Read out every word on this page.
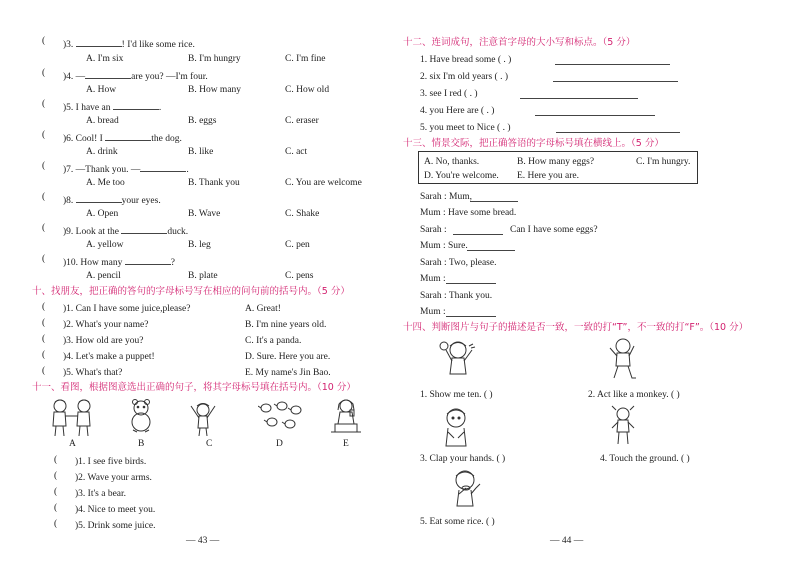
( )3.	! I'd like some rice.
A. I'm six	B. I'm hungry	C. I'm fine
( )4. —	are you? —I'm four.
A. How	B. How many	C. How old
( )5. I have an	.
A. bread	B. eggs	C. eraser
( )6. Cool! I	the dog.
A. drink	B. like	C. act
( )7. —Thank you. —	.
A. Me too	B. Thank you	C. You are welcome
( )8.	your eyes.
A. Open	B. Wave	C. Shake
( )9. Look at the	duck.
A. yellow	B. leg	C. pen
( )10. How many	?
A. pencil	B. plate	C. pens
十、找朋友，把正确的答句的字母标号写在相应的问句前的括号内。（5 分）
( )1. Can I have some juice,please?	A. Great!
( )2. What's your name?	B. I'm nine years old.
( )3. How old are you?	C. It's a panda.
( )4. Let's make a puppet!	D. Sure. Here you are.
( )5. What's that?	E. My name's Jin Bao.
十一、看图，根据图意选出正确的句子，将其字母标号填在括号内。（10 分）
A	B	C	D	E
( )1. I see five birds.
( )2. Wave your arms.
( )3. It's a bear.
( )4. Nice to meet you.
( )5. Drink some juice.
— 43 —
十二、连词成句，注意首字母的大小写和标点。（5 分）
1. Have bread some ( . )
2. six I'm old years ( . )
3. see I red ( . )
4. you Here are ( . )
5. you meet to Nice ( . )
十三、情景交际，把正确答语的字母标号填在横线上。（5 分）
A. No, thanks.	B. How many eggs?	C. I'm hungry.
D. You're welcome. E. Here you are.
Sarah : Mum,
Mum : Have some bread.
Sarah :	Can I have some eggs?
Mum : Sure.
Sarah : Two, please.
Mum :
Sarah : Thank you.
Mum :
十四、判断图片与句子的描述是否一致，一致的打“T”，不一致的打“F”。（10 分）
1. Show me ten. ( )	2. Act like a monkey. ( )
3. Clap your hands. ( )	4. Touch the ground. ( )
5. Eat some rice. ( )
— 44 —
